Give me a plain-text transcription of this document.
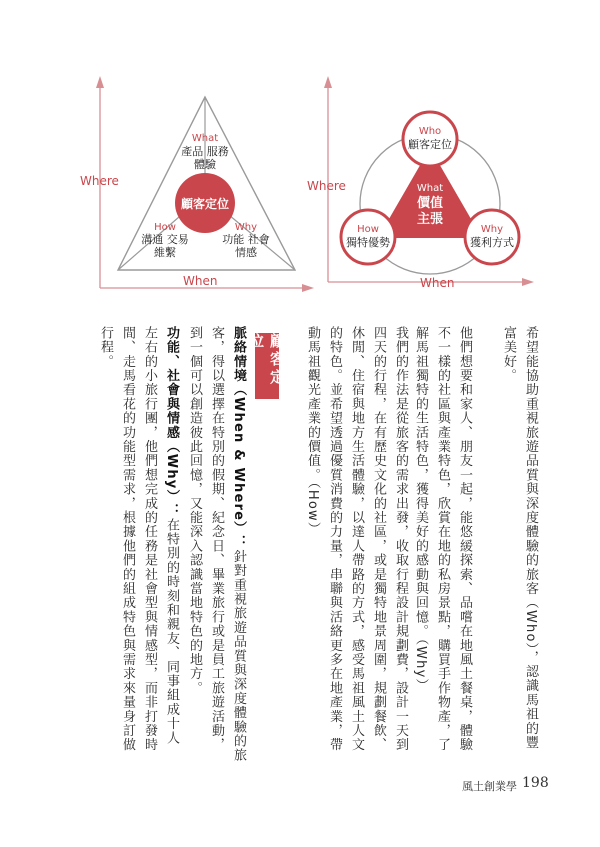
Where
When
顧客定位
What
產品 服務
體驗
How
溝通 交易
維繫
Why
功能 社會
情感
Where
When
Who
顧客定位
How
獨特優勢
Why
獲利方式
What
價值
主張
希望能協助重視旅遊品質與深度體驗的旅客（Who），認識馬祖的豐
富美好。
他們想要和家人、朋友一起，能悠緩探索、品嚐在地風土餐桌，體驗
不一樣的社區與產業特色，欣賞在地的私房景點，購買手作物產，了
解馬祖獨特的生活特色，獲得美好的感動與回憶。（Why）
我們的作法是從旅客的需求出發，收取行程設計規劃費，設計一天到
四天的行程，在有歷史文化的社區，或是獨特地景周圍，規劃餐飲、
休閒、住宿與地方生活體驗，以達人帶路的方式，感受馬祖風土人文
的特色。並希望透過優質消費的力量，串聯與活絡更多在地產業，帶
動馬祖觀光產業的價值。（How）
顧客定位
脈絡情境（When & Where）：針對重視旅遊品質與深度體驗的旅
客，得以選擇在特別的假期、紀念日、畢業旅行或是員工旅遊活動，
到一個可以創造彼此回憶，又能深入認識當地特色的地方。
功能、社會與情感（Why）：在特別的時刻和親友、同事組成十人
左右的小旅行團，他們想完成的任務是社會型與情感型，而非打發時
間、走馬看花的功能型需求，根據他們的組成特色與需求來量身訂做
行程。
風土創業學 198
